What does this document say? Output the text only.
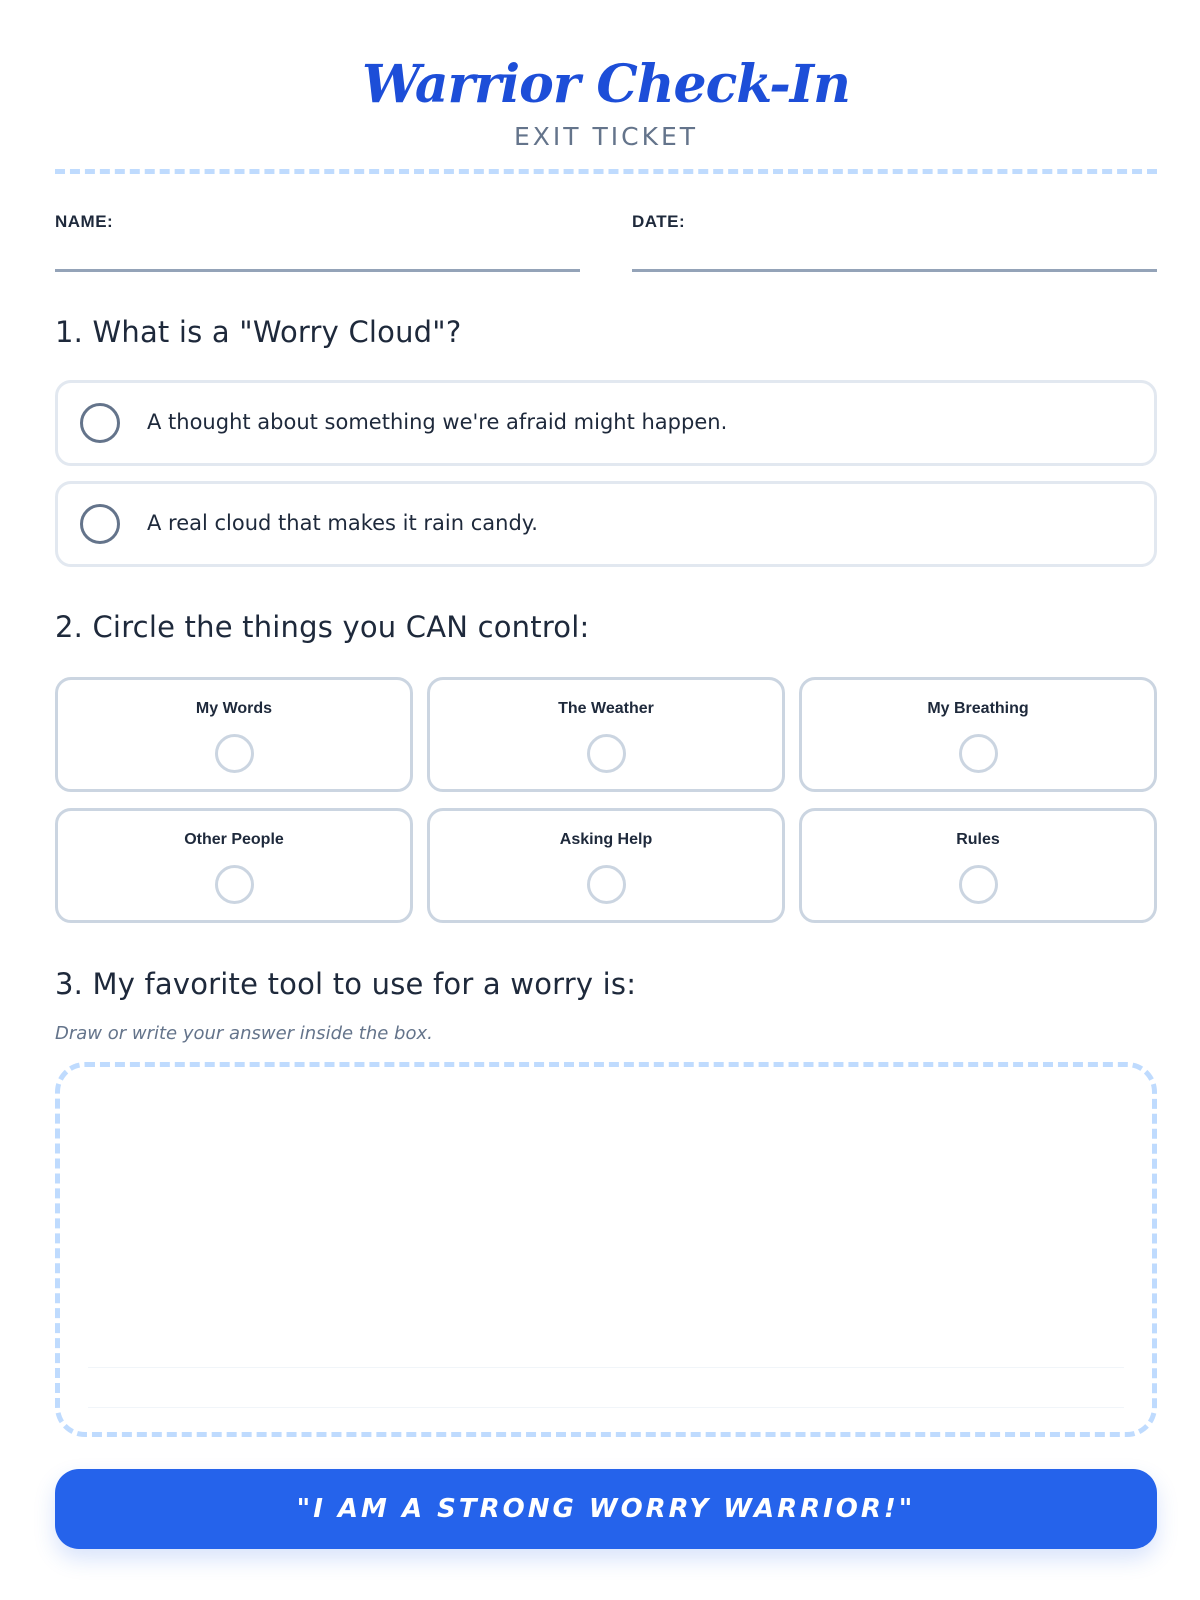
Warrior Check-In
EXIT TICKET
NAME:	DATE:
1. What is a "Worry Cloud"?
A thought about something we're afraid might happen.
A real cloud that makes it rain candy.
2. Circle the things you CAN control:
My Words	The Weather	My Breathing
Other People	Asking Help	Rules
3. My favorite tool to use for a worry is:
Draw or write your answer inside the box.
"I AM A STRONG WORRY WARRIOR!"
